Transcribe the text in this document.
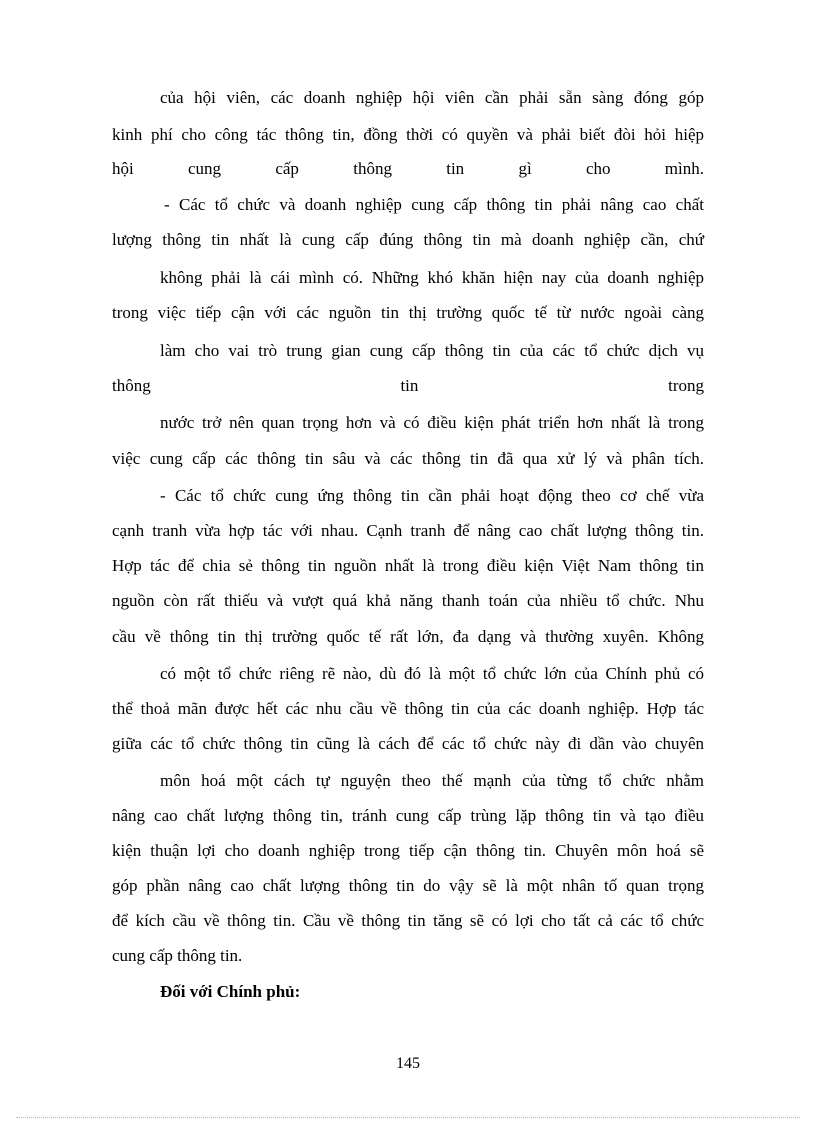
của hội viên, các doanh nghiệp hội viên cần phải sẵn sàng đóng góp
kinh phí cho công tác thông tin, đồng thời có quyền và phải biết đòi hỏi hiệp
hội cung cấp thông tin gì cho mình.
- Các tổ chức và doanh nghiệp cung cấp thông tin phải nâng cao chất
lượng thông tin nhất là cung cấp đúng thông tin mà doanh nghiệp cần, chứ
không phải là cái mình có. Những khó khăn hiện nay của doanh nghiệp
trong việc tiếp cận với các nguồn tin thị trường quốc tế từ nước ngoài càng
làm cho vai trò trung gian cung cấp thông tin của các tổ chức dịch vụ
thông tin trong
nước trở nên quan trọng hơn và có điều kiện phát triển hơn nhất là trong
việc cung cấp các thông tin sâu và các thông tin đã qua xử lý và phân tích.
- Các tổ chức cung ứng thông tin cần phải hoạt động theo cơ chế vừa
cạnh tranh vừa hợp tác với nhau. Cạnh tranh để nâng cao chất lượng thông tin.
Hợp tác để chia sẻ thông tin nguồn nhất là trong điều kiện Việt Nam thông tin
nguồn còn rất thiếu và vượt quá khả năng thanh toán của nhiều tổ chức. Nhu
cầu về thông tin thị trường quốc tế rất lớn, đa dạng và thường xuyên. Không
có một tổ chức riêng rẽ nào, dù đó là một tổ chức lớn của Chính phủ có
thể thoả mãn được hết các nhu cầu về thông tin của các doanh nghiệp. Hợp tác
giữa các tổ chức thông tin cũng là cách để các tổ chức này đi dần vào chuyên
môn hoá một cách tự nguyện theo thế mạnh của từng tổ chức nhằm
nâng cao chất lượng thông tin, tránh cung cấp trùng lặp thông tin và tạo điều
kiện thuận lợi cho doanh nghiệp trong tiếp cận thông tin. Chuyên môn hoá sẽ
góp phần nâng cao chất lượng thông tin do vậy sẽ là một nhân tố quan trọng
để kích cầu về thông tin. Cầu về thông tin tăng sẽ có lợi cho tất cả các tổ chức
cung cấp thông tin.
Đối với Chính phủ:
145
